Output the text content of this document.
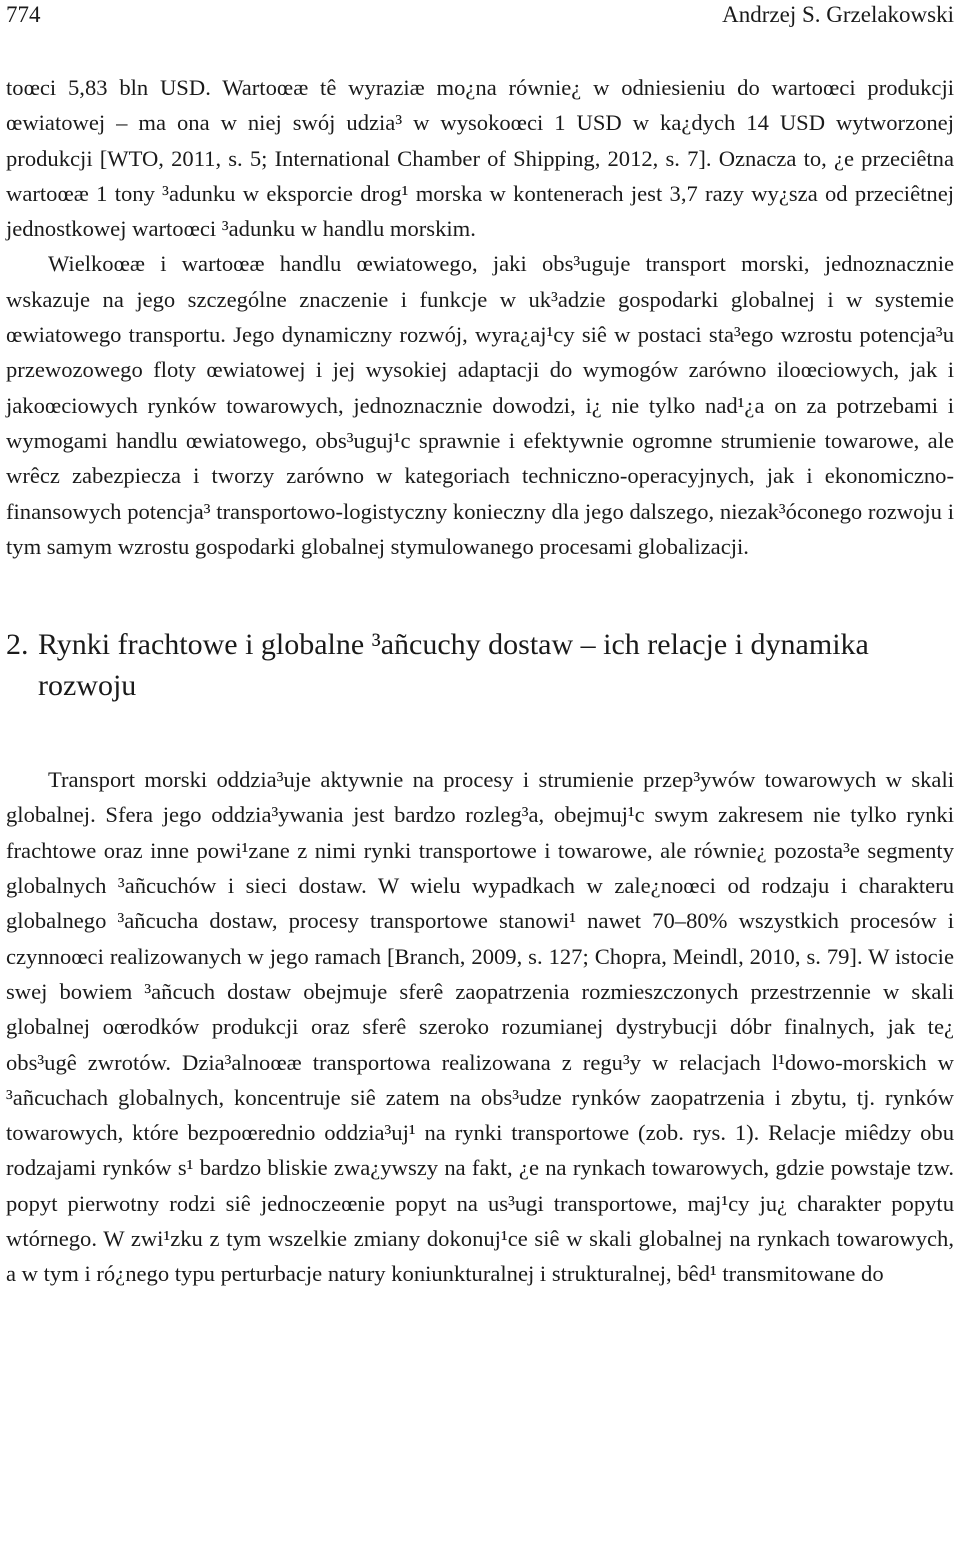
774	Andrzej S. Grzelakowski

toœci 5,83 bln USD. Wartoœæ tê wyraziæ mo¿na równie¿ w odniesieniu do wartoœci produkcji œwiatowej – ma ona w niej swój udzia³ w wysokoœci 1 USD w ka¿dych 14 USD wytworzonej produkcji [WTO, 2011, s. 5; International Chamber of Shipping, 2012, s. 7]. Oznacza to, ¿e przeciêtna wartoœæ 1 tony ³adunku w eksporcie drog¹ morska w kontenerach jest 3,7 razy wy¿sza od przeciêtnej jednostkowej wartoœci ³adunku w handlu morskim.

Wielkoœæ i wartoœæ handlu œwiatowego, jaki obs³uguje transport morski, jednoznacznie wskazuje na jego szczególne znaczenie i funkcje w uk³adzie gospodarki globalnej i w systemie œwiatowego transportu. Jego dynamiczny rozwój, wyra¿aj¹cy siê w postaci sta³ego wzrostu potencja³u przewozowego floty œwiatowej i jej wysokiej adaptacji do wymogów zarówno iloœciowych, jak i jakoœciowych rynków towarowych, jednoznacznie dowodzi, i¿ nie tylko nad¹¿a on za potrzebami i wymogami handlu œwiatowego, obs³uguj¹c sprawnie i efektywnie ogromne strumienie towarowe, ale wrêcz zabezpiecza i tworzy zarówno w kategoriach techniczno-operacyjnych, jak i ekonomiczno-finansowych potencja³ transportowo-logistyczny konieczny dla jego dalszego, niezak³óconego rozwoju i tym samym wzrostu gospodarki globalnej stymulowanego procesami globalizacji.

2. Rynki frachtowe i globalne ³añcuchy dostaw – ich relacje i dynamika rozwoju

Transport morski oddzia³uje aktywnie na procesy i strumienie przep³ywów towarowych w skali globalnej. Sfera jego oddzia³ywania jest bardzo rozleg³a, obejmuj¹c swym zakresem nie tylko rynki frachtowe oraz inne powi¹zane z nimi rynki transportowe i towarowe, ale równie¿ pozosta³e segmenty globalnych ³añcuchów i sieci dostaw. W wielu wypadkach w zale¿noœci od rodzaju i charakteru globalnego ³añcucha dostaw, procesy transportowe stanowi¹ nawet 70–80% wszystkich procesów i czynnoœci realizowanych w jego ramach [Branch, 2009, s. 127; Chopra, Meindl, 2010, s. 79]. W istocie swej bowiem ³añcuch dostaw obejmuje sferê zaopatrzenia rozmieszczonych przestrzennie w skali globalnej oœrodków produkcji oraz sferê szeroko rozumianej dystrybucji dóbr finalnych, jak te¿ obs³ugê zwrotów. Dzia³alnoœæ transportowa realizowana z regu³y w relacjach l¹dowo-morskich w ³añcuchach globalnych, koncentruje siê zatem na obs³udze rynków zaopatrzenia i zbytu, tj. rynków towarowych, które bezpoœrednio oddzia³uj¹ na rynki transportowe (zob. rys. 1). Relacje miêdzy obu rodzajami rynków s¹ bardzo bliskie zwa¿ywszy na fakt, ¿e na rynkach towarowych, gdzie powstaje tzw. popyt pierwotny rodzi siê jednoczeœnie popyt na us³ugi transportowe, maj¹cy ju¿ charakter popytu wtórnego. W zwi¹zku z tym wszelkie zmiany dokonuj¹ce siê w skali globalnej na rynkach towarowych, a w tym i ró¿nego typu perturbacje natury koniunkturalnej i strukturalnej, bêd¹ transmitowane do
